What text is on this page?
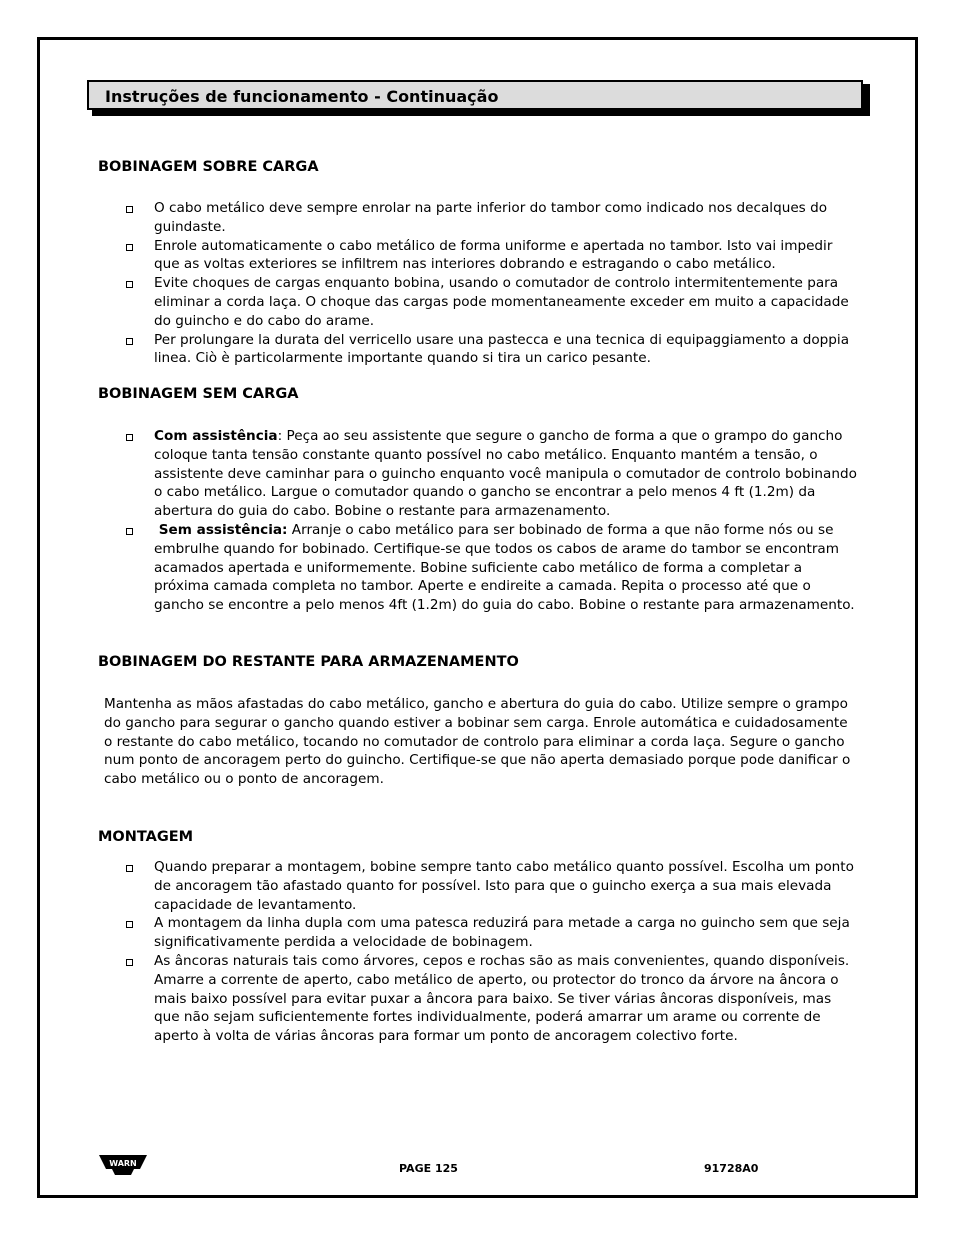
Instruções de funcionamento - Continuação
BOBINAGEM SOBRE CARGA
O cabo metálico deve sempre enrolar na parte inferior do tambor como indicado nos decalques do guindaste.
Enrole automaticamente o cabo metálico de forma uniforme e apertada no tambor. Isto vai impedir que as voltas exteriores se infiltrem nas interiores dobrando e estragando o cabo metálico.
Evite choques de cargas enquanto bobina, usando o comutador de controlo intermitentemente para eliminar a corda laça. O choque das cargas pode momentaneamente exceder em muito a capacidade do guincho e do cabo do arame.
Per prolungare la durata del verricello usare una pastecca e una tecnica di equipaggiamento a doppia linea. Ciò è particolarmente importante quando si tira un carico pesante.
BOBINAGEM SEM CARGA
Com assistência: Peça ao seu assistente que segure o gancho de forma a que o grampo do gancho coloque tanta tensão constante quanto possível no cabo metálico. Enquanto mantém a tensão, o assistente deve caminhar para o guincho enquanto você manipula o comutador de controlo bobinando o cabo metálico. Largue o comutador quando o gancho se encontrar a pelo menos 4 ft (1.2m) da abertura do guia do cabo. Bobine o restante para armazenamento.
Sem assistência: Arranje o cabo metálico para ser bobinado de forma a que não forme nós ou se embrulhe quando for bobinado. Certifique-se que todos os cabos de arame do tambor se encontram acamados apertada e uniformemente. Bobine suficiente cabo metálico de forma a completar a próxima camada completa no tambor. Aperte e endireite a camada. Repita o processo até que o gancho se encontre a pelo menos 4ft (1.2m) do guia do cabo. Bobine o restante para armazenamento.
BOBINAGEM DO RESTANTE PARA ARMAZENAMENTO

Mantenha as mãos afastadas do cabo metálico, gancho e abertura do guia do cabo. Utilize sempre o grampo do gancho para segurar o gancho quando estiver a bobinar sem carga. Enrole automática e cuidadosamente o restante do cabo metálico, tocando no comutador de controlo para eliminar a corda laça. Segure o gancho num ponto de ancoragem perto do guincho. Certifique-se que não aperta demasiado porque pode danificar o cabo metálico ou o ponto de ancoragem.

MONTAGEM
Quando preparar a montagem, bobine sempre tanto cabo metálico quanto possível. Escolha um ponto de ancoragem tão afastado quanto for possível. Isto para que o guincho exerça a sua mais elevada capacidade de levantamento.
A montagem da linha dupla com uma patesca reduzirá para metade a carga no guincho sem que seja significativamente perdida a velocidade de bobinagem.
As âncoras naturais tais como árvores, cepos e rochas são as mais convenientes, quando disponíveis. Amarre a corrente de aperto, cabo metálico de aperto, ou protector do tronco da árvore na âncora o mais baixo possível para evitar puxar a âncora para baixo. Se tiver várias âncoras disponíveis, mas que não sejam suficientemente fortes individualmente, poderá amarrar um arame ou corrente de aperto à volta de várias âncoras para formar um ponto de ancoragem colectivo forte.
WARN	PAGE 125	91728A0
